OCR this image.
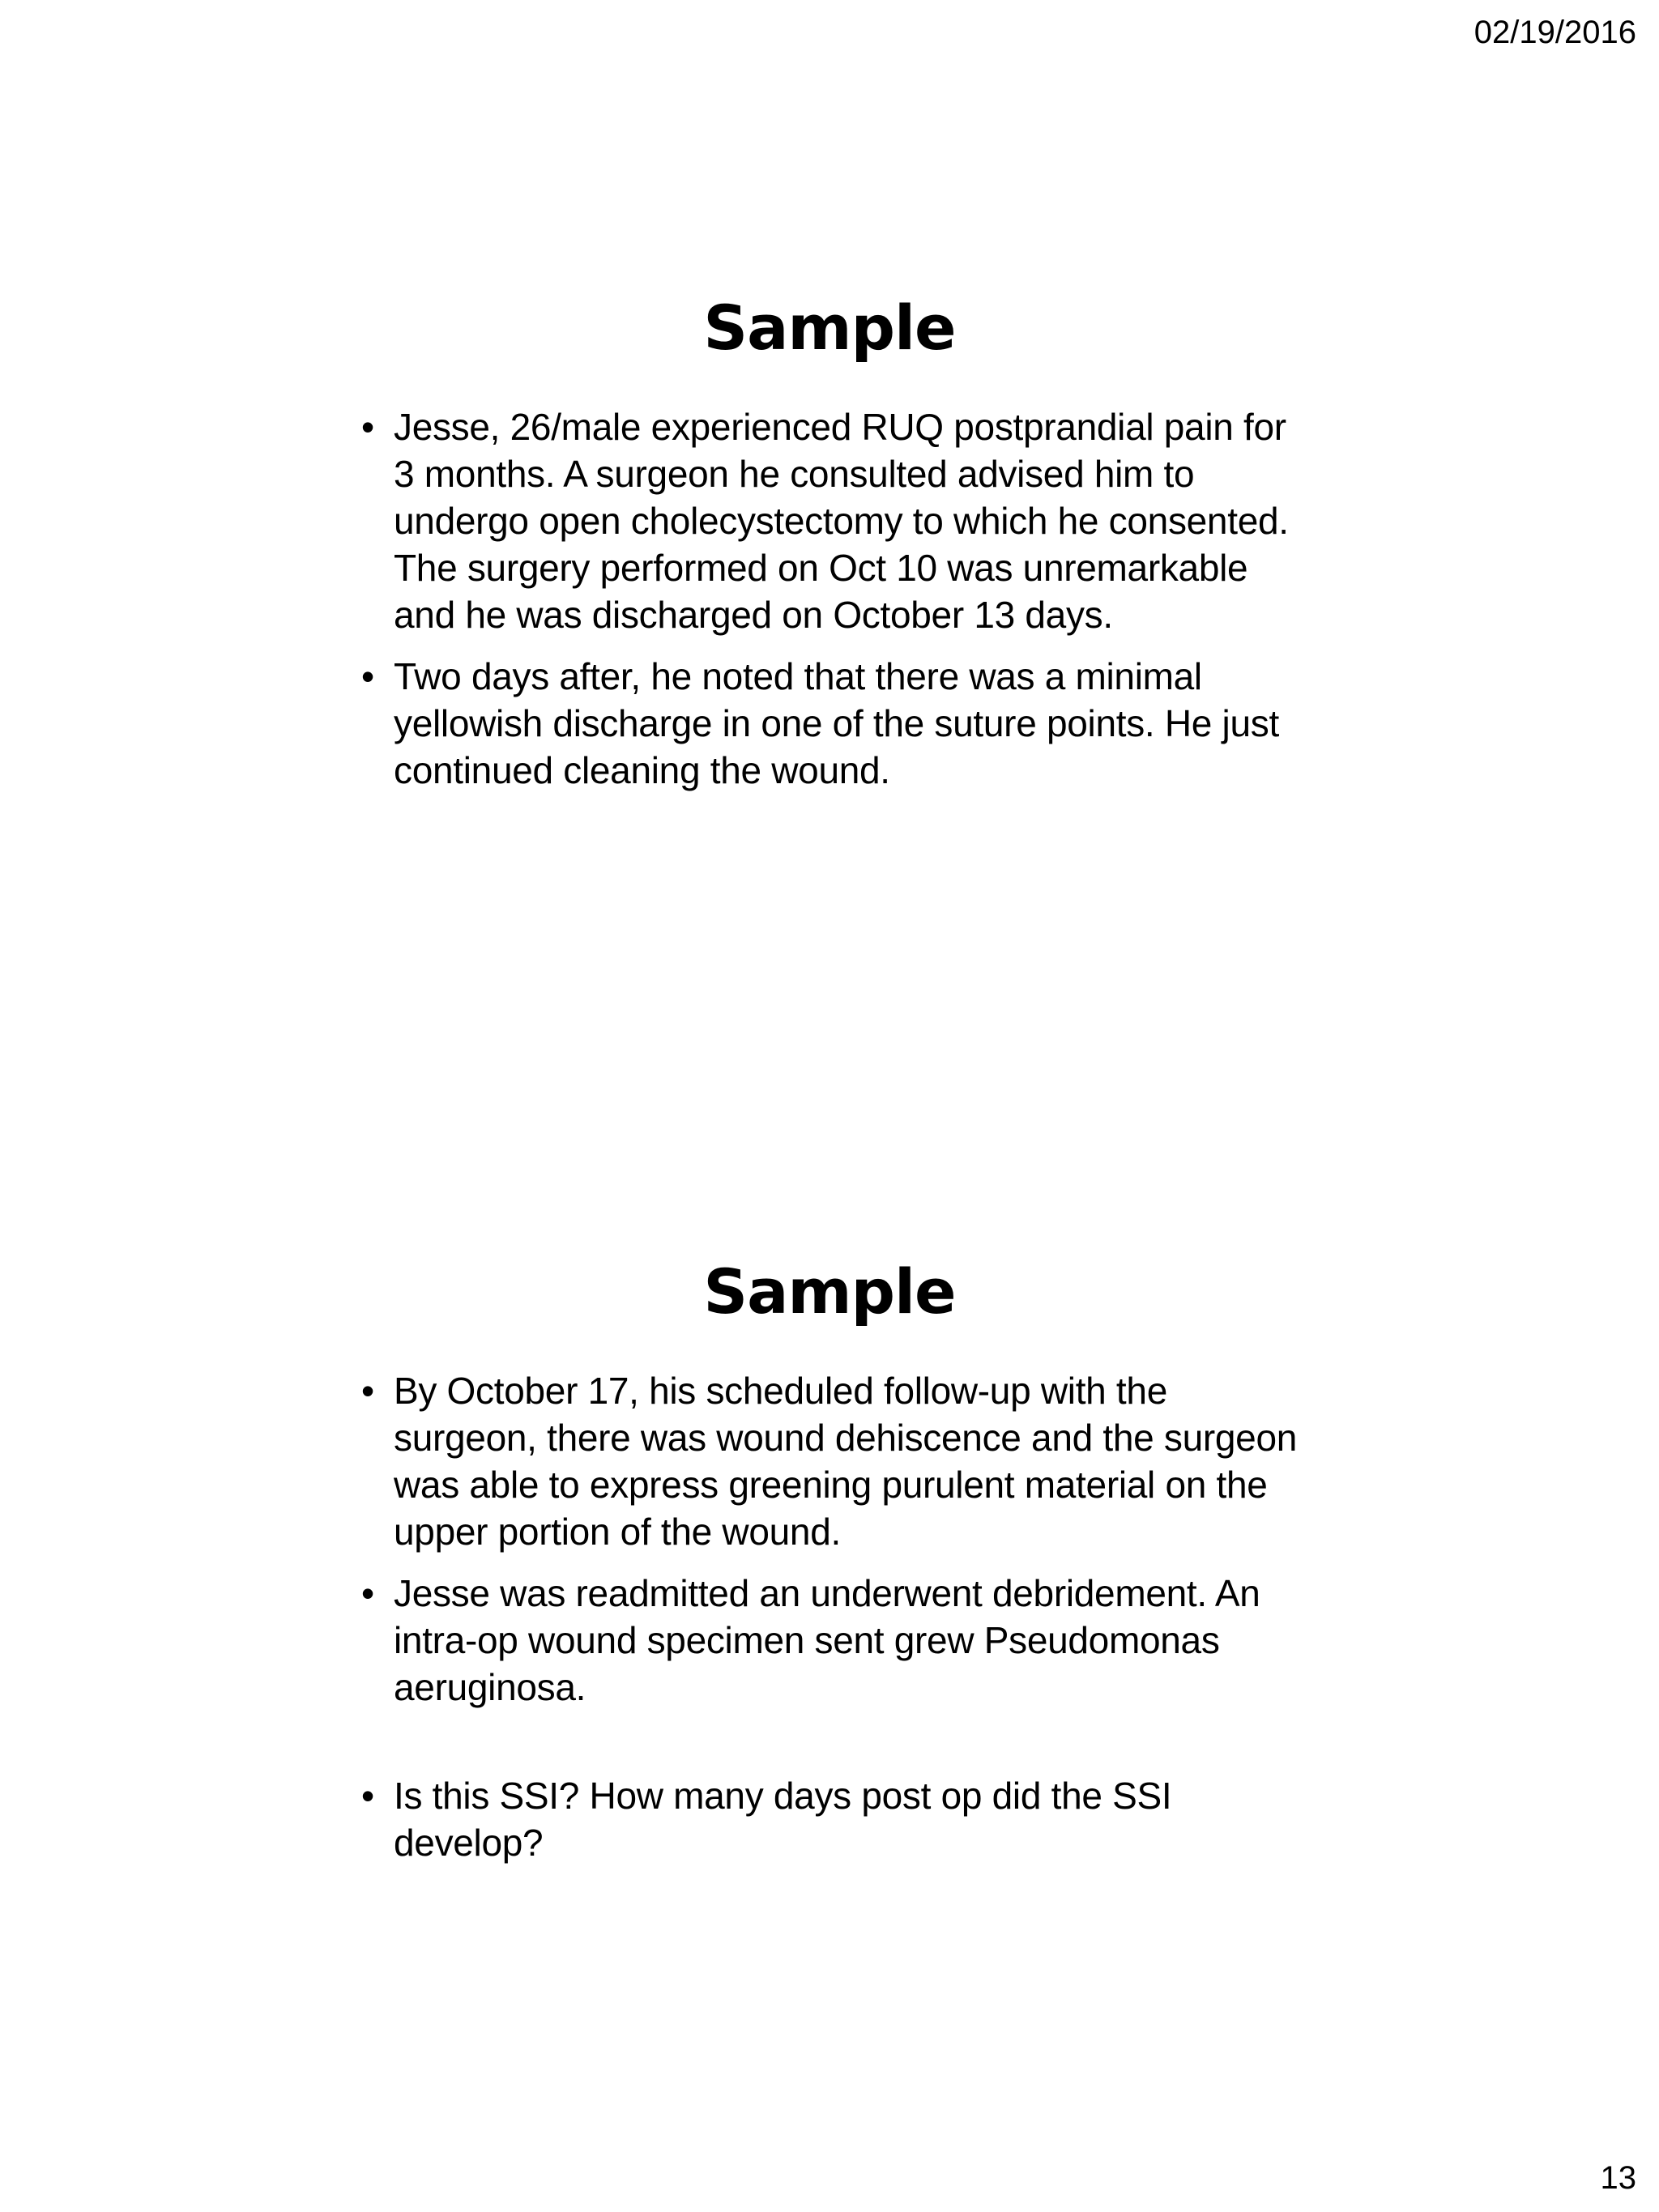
02/19/2016
Sample
• Jesse, 26/male experienced RUQ postprandial pain for 3 months. A surgeon he consulted advised him to undergo open cholecystectomy to which he consented. The surgery performed on Oct 10 was unremarkable and he was discharged on October 13 days.
• Two days after, he noted that there was a minimal yellowish discharge in one of the suture points. He just continued cleaning the wound.
Sample
• By October 17, his scheduled follow-up with the surgeon, there was wound dehiscence and the surgeon was able to express greening purulent material on the upper portion of the wound.
• Jesse was readmitted an underwent debridement. An intra-op wound specimen sent grew Pseudomonas aeruginosa.
• Is this SSI? How many days post op did the SSI develop?
13
